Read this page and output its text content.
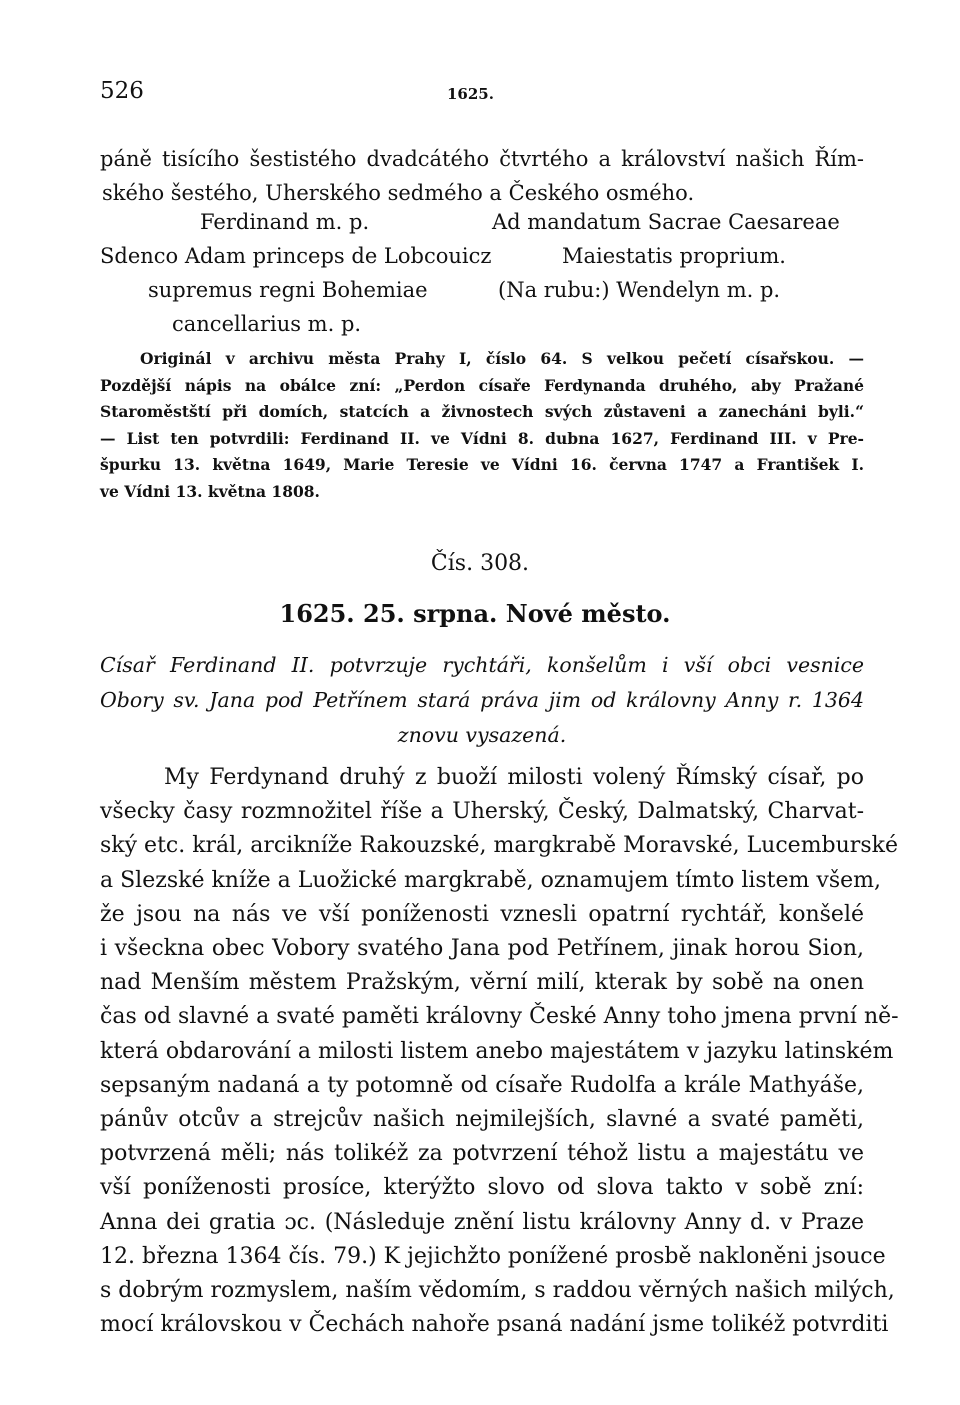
526	1625.
páně tisícího šestistého dvadcátého čtvrtého a království našich Řím-
ského šestého, Uherského sedmého a Českého osmého.
Ferdinand m. p.
Sdenco Adam princeps de Lobcouicz
supremus regni Bohemiae
cancellarius m. p.
Ad mandatum Sacrae Caesareae
Maiestatis proprium.
(Na rubu:) Wendelyn m. p.
Originál v archivu města Prahy I, číslo 64. S velkou pečetí císařskou. —
Pozdější nápis na obálce zní: „Perdon císaře Ferdynanda druhého, aby Pražané
Staroměstští při domích, statcích a živnostech svých zůstaveni a zanecháni byli.“
— List ten potvrdili: Ferdinand II. ve Vídni 8. dubna 1627, Ferdinand III. v Pre-
špurku 13. května 1649, Marie Teresie ve Vídni 16. června 1747 a František I.
ve Vídni 13. května 1808.
Čís. 308.
1625. 25. srpna. Nové město.
Císař Ferdinand II. potvrzuje rychtáři, konšelům i vší obci vesnice
Obory sv. Jana pod Petřínem stará práva jim od královny Anny r. 1364
znovu vysazená.
My Ferdynand druhý z buoží milosti volený Římský císař, po
všecky časy rozmnožitel říše a Uherský, Český, Dalmatský, Charvat-
ský etc. král, arcikníže Rakouzské, margkrabě Moravské, Lucemburské
a Slezské kníže a Luožické margkrabě, oznamujem tímto listem všem,
že jsou na nás ve vší poníženosti vznesli opatrní rychtář, konšelé
i všeckna obec Vobory svatého Jana pod Petřínem, jinak horou Sion,
nad Menším městem Pražským, věrní milí, kterak by sobě na onen
čas od slavné a svaté paměti královny České Anny toho jmena první ně-
která obdarování a milosti listem anebo majestátem v jazyku latinském
sepsaným nadaná a ty potomně od císaře Rudolfa a krále Mathyáše,
pánův otcův a strejcův našich nejmilejších, slavné a svaté paměti,
potvrzená měli; nás tolikéž za potvrzení téhož listu a majestátu ve
vší poníženosti prosíce, kterýžto slovo od slova takto v sobě zní:
Anna dei gratia ɔc. (Následuje znění listu královny Anny d. v Praze
12. března 1364 čís. 79.) K jejichžto ponížené prosbě nakloněni jsouce
s dobrým rozmyslem, naším vědomím, s raddou věrných našich milých,
mocí královskou v Čechách nahoře psaná nadání jsme tolikéž potvrditi
